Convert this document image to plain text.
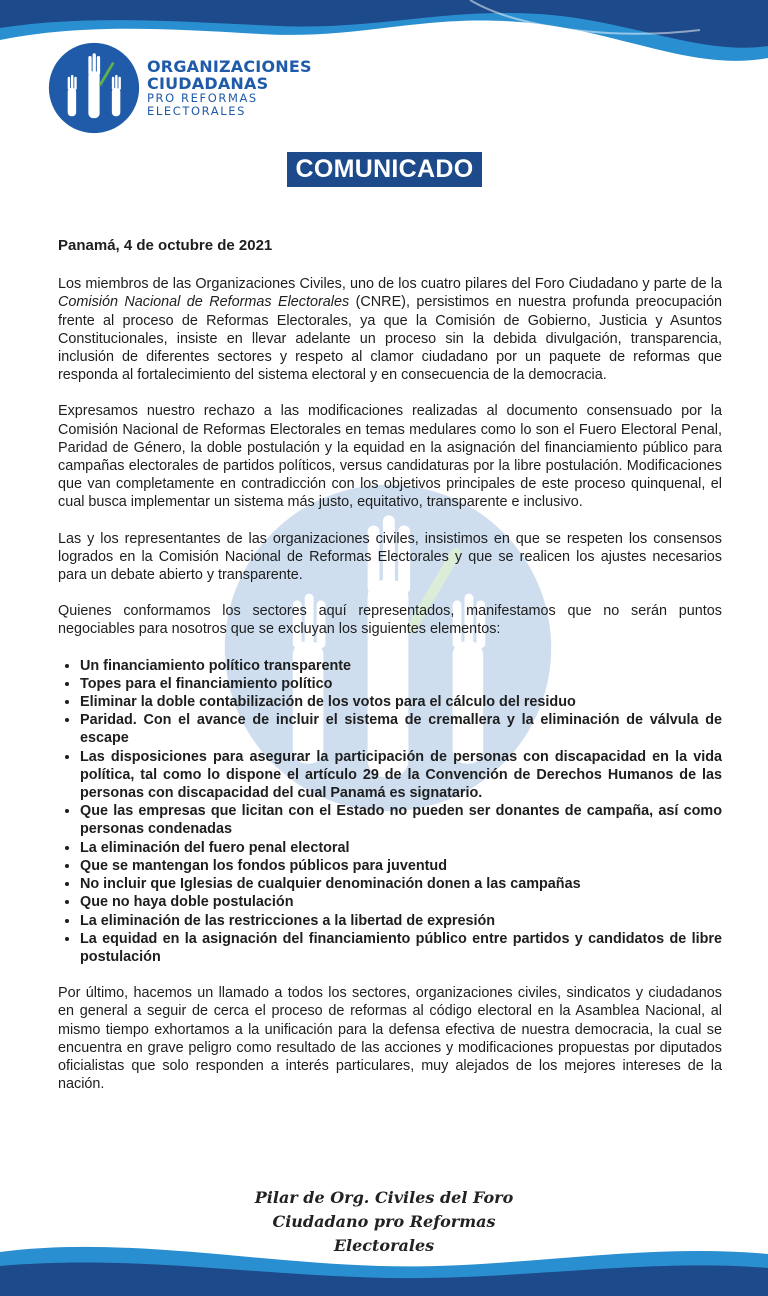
ORGANIZACIONES
CIUDADANAS
PRO REFORMAS
ELECTORALES
COMUNICADO

Panamá, 4 de octubre de 2021

Los miembros de las Organizaciones Civiles, uno de los cuatro pilares del Foro Ciudadano y parte de la Comisión Nacional de Reformas Electorales (CNRE), persistimos en nuestra profunda preocupación frente al proceso de Reformas Electorales, ya que la Comisión de Gobierno, Justicia y Asuntos Constitucionales, insiste en llevar adelante un proceso sin la debida divulgación, transparencia, inclusión de diferentes sectores y respeto al clamor ciudadano por un paquete de reformas que responda al fortalecimiento del sistema electoral y en consecuencia de la democracia.

Expresamos nuestro rechazo a las modificaciones realizadas al documento consensuado por la Comisión Nacional de Reformas Electorales en temas medulares como lo son el Fuero Electoral Penal, Paridad de Género, la doble postulación y la equidad en la asignación del financiamiento público para campañas electorales de partidos políticos, versus candidaturas por la libre postulación. Modificaciones que van completamente en contradicción con los objetivos principales de este proceso quinquenal, el cual busca implementar un sistema más justo, equitativo, transparente e inclusivo.

Las y los representantes de las organizaciones civiles, insistimos en que se respeten los consensos logrados en la Comisión Nacional de Reformas Electorales y que se realicen los ajustes necesarios para un debate abierto y transparente.

Quienes conformamos los sectores aquí representados, manifestamos que no serán puntos negociables para nosotros que se excluyan los siguientes elementos:

• Un financiamiento político transparente
• Topes para el financiamiento político
• Eliminar la doble contabilización de los votos para el cálculo del residuo
• Paridad. Con el avance de incluir el sistema de cremallera y la eliminación de válvula de escape
• Las disposiciones para asegurar la participación de personas con discapacidad en la vida política, tal como lo dispone el artículo 29 de la Convención de Derechos Humanos de las personas con discapacidad del cual Panamá es signatario.
• Que las empresas que licitan con el Estado no pueden ser donantes de campaña, así como personas condenadas
• La eliminación del fuero penal electoral
• Que se mantengan los fondos públicos para juventud
• No incluir que Iglesias de cualquier denominación donen a las campañas
• Que no haya doble postulación
• La eliminación de las restricciones a la libertad de expresión
• La equidad en la asignación del financiamiento público entre partidos y candidatos de libre postulación

Por último, hacemos un llamado a todos los sectores, organizaciones civiles, sindicatos y ciudadanos en general a seguir de cerca el proceso de reformas al código electoral en la Asamblea Nacional, al mismo tiempo exhortamos a la unificación para la defensa efectiva de nuestra democracia, la cual se encuentra en grave peligro como resultado de las acciones y modificaciones propuestas por diputados oficialistas que solo responden a interés particulares, muy alejados de los mejores intereses de la nación.

Pilar de Org. Civiles del Foro
Ciudadano pro Reformas Electorales
